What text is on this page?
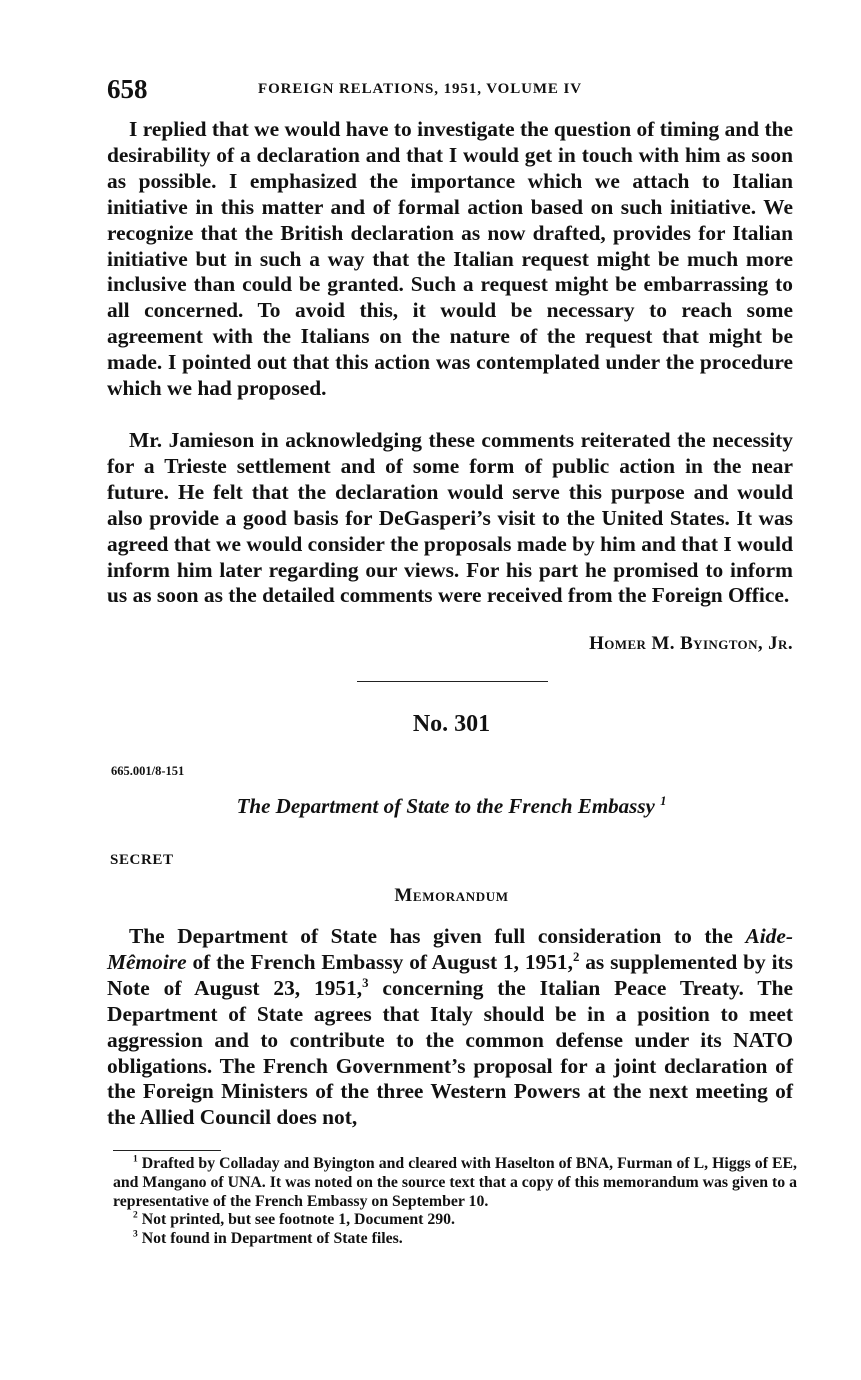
658	FOREIGN RELATIONS, 1951, VOLUME IV

I replied that we would have to investigate the question of timing and the desirability of a declaration and that I would get in touch with him as soon as possible. I emphasized the importance which we attach to Italian initiative in this matter and of formal action based on such initiative. We recognize that the British declaration as now drafted, provides for Italian initiative but in such a way that the Italian request might be much more inclusive than could be granted. Such a request might be embarrassing to all concerned. To avoid this, it would be necessary to reach some agreement with the Italians on the nature of the request that might be made. I pointed out that this action was contemplated under the procedure which we had proposed.

Mr. Jamieson in acknowledging these comments reiterated the necessity for a Trieste settlement and of some form of public action in the near future. He felt that the declaration would serve this purpose and would also provide a good basis for DeGasperi’s visit to the United States. It was agreed that we would consider the proposals made by him and that I would inform him later regarding our views. For his part he promised to inform us as soon as the detailed comments were received from the Foreign Office.

Homer M. Byington, Jr.
No. 301
665.001/8-151
The Department of State to the French Embassy $^1$
SECRET
Memorandum

The Department of State has given full consideration to the Aide-Mêmoire of the French Embassy of August 1, 1951,$^2$ as supplemented by its Note of August 23, 1951,$^3$ concerning the Italian Peace Treaty. The Department of State agrees that Italy should be in a position to meet aggression and to contribute to the common defense under its NATO obligations. The French Government’s proposal for a joint declaration of the Foreign Ministers of the three Western Powers at the next meeting of the Allied Council does not,

$^1$ Drafted by Colladay and Byington and cleared with Haselton of BNA, Furman of L, Higgs of EE, and Mangano of UNA. It was noted on the source text that a copy of this memorandum was given to a representative of the French Embassy on September 10.

$^2$ Not printed, but see footnote 1, Document 290.

$^3$ Not found in Department of State files.
